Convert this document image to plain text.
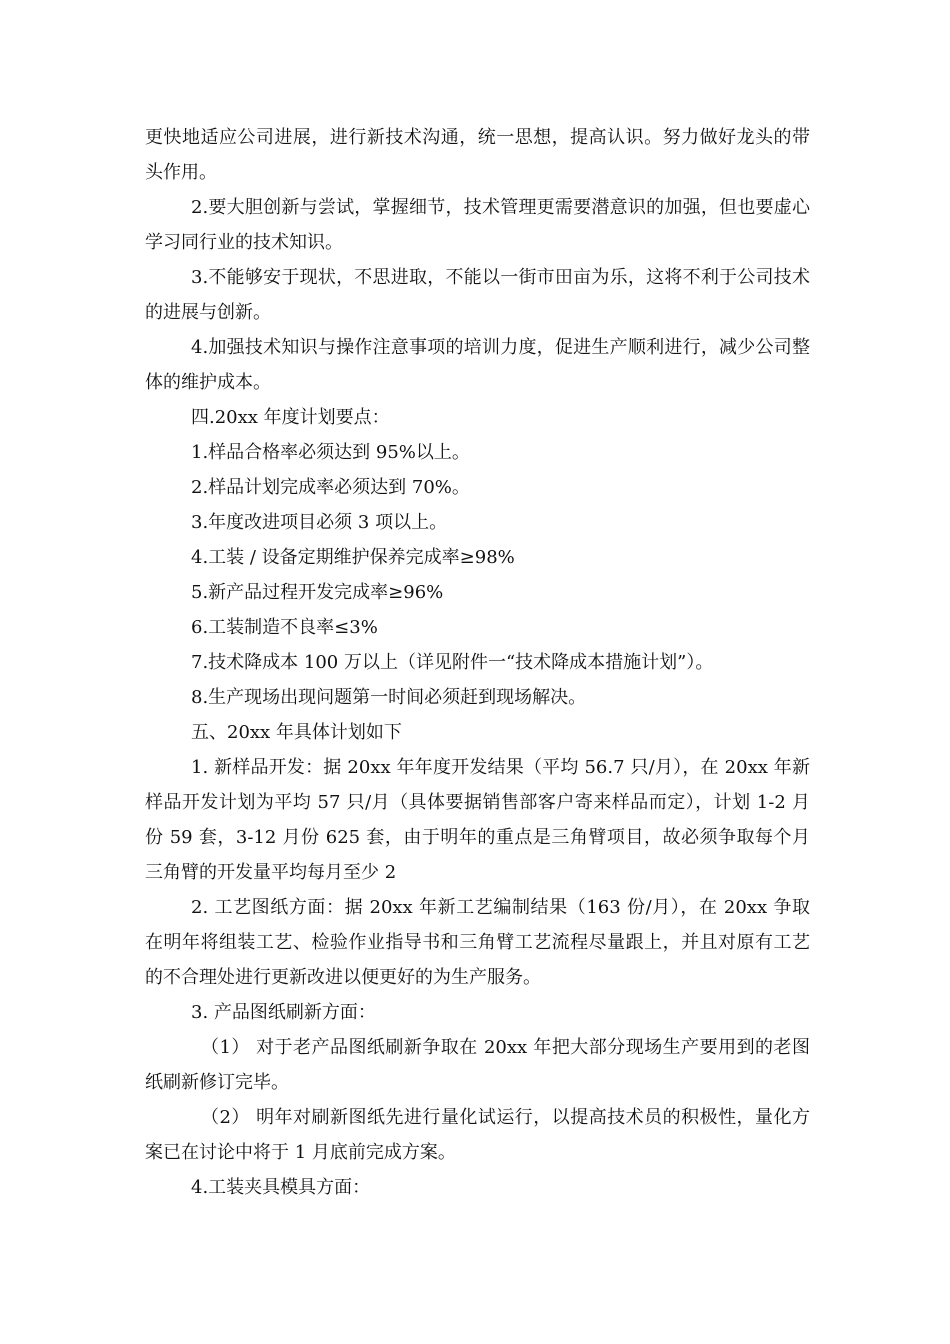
更快地适应公司进展，进行新技术沟通，统一思想，提高认识。努力做好龙头的带头作用。

2.要大胆创新与尝试，掌握细节，技术管理更需要潜意识的加强，但也要虚心学习同行业的技术知识。

3.不能够安于现状，不思进取，不能以一街市田亩为乐，这将不利于公司技术的进展与创新。

4.加强技术知识与操作注意事项的培训力度，促进生产顺利进行，减少公司整体的维护成本。

四.20xx 年度计划要点：

1.样品合格率必须达到 95%以上。

2.样品计划完成率必须达到 70%。

3.年度改进项目必须 3 项以上。

4.工装 / 设备定期维护保养完成率≥98%

5.新产品过程开发完成率≥96%

6.工装制造不良率≤3%

7.技术降成本 100 万以上（详见附件一“技术降成本措施计划”）。

8.生产现场出现问题第一时间必须赶到现场解决。

五、20xx 年具体计划如下

1. 新样品开发：据 20xx 年年度开发结果（平均 56.7 只/月），在 20xx 年新样品开发计划为平均 57 只/月（具体要据销售部客户寄来样品而定），计划 1-2 月份 59 套，3-12 月份 625 套，由于明年的重点是三角臂项目，故必须争取每个月三角臂的开发量平均每月至少 2

2. 工艺图纸方面：据 20xx 年新工艺编制结果（163 份/月），在 20xx 争取在明年将组装工艺、检验作业指导书和三角臂工艺流程尽量跟上，并且对原有工艺的不合理处进行更新改进以便更好的为生产服务。

3. 产品图纸刷新方面：

（1） 对于老产品图纸刷新争取在 20xx 年把大部分现场生产要用到的老图纸刷新修订完毕。

（2） 明年对刷新图纸先进行量化试运行，以提高技术员的积极性，量化方案已在讨论中将于 1 月底前完成方案。

4.工装夹具模具方面：
